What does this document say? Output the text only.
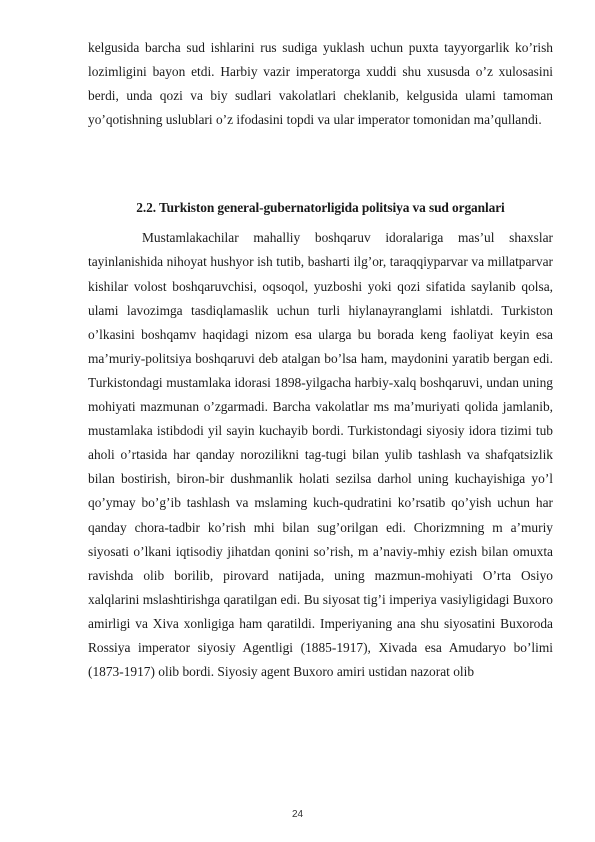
kelgusida barcha sud ishlarini rus sudiga yuklash uchun puxta tayyorgarlik ko’rish lozimligini bayon etdi. Harbiy vazir imperatorga xuddi shu xususda o’z xulosasini berdi, unda qozi va biy sudlari vakolatlari cheklanib, kelgusida ulami tamoman yo’qotishning uslublari o’z ifodasini topdi va ular imperator tomonidan ma’qullandi.

2.2. Turkiston general-gubernatorligida politsiya va sud organlari

Mustamlakachilar mahalliy boshqaruv idoralariga mas’ul shaxslar tayinlanishida nihoyat hushyor ish tutib, basharti ilg’or, taraqqiyparvar va millatparvar kishilar volost boshqaruvchisi, oqsoqol, yuzboshi yoki qozi sifatida saylanib qolsa, ulami lavozimga tasdiqlamaslik uchun turli hiylanayranglami ishlatdi. Turkiston o’lkasini boshqamv haqidagi nizom esa ularga bu borada keng faoliyat keyin esa ma’muriy-politsiya boshqaruvi deb atalgan bo’lsa ham, maydonini yaratib bergan edi. Turkistondagi mustamlaka idorasi 1898-yilgacha harbiy-xalq boshqaruvi, undan uning mohiyati mazmunan o’zgarmadi. Barcha vakolatlar ms ma’muriyati qolida jamlanib, mustamlaka istibdodi yil sayin kuchayib bordi. Turkistondagi siyosiy idora tizimi tub aholi o’rtasida har qanday norozilikni tag-tugi bilan yulib tashlash va shafqatsizlik bilan bostirish, biron-bir dushmanlik holati sezilsa darhol uning kuchayishiga yo’l qo’ymay bo’g’ib tashlash va mslaming kuch-qudratini ko’rsatib qo’yish uchun har qanday chora-tadbir ko’rish mhi bilan sug’orilgan edi. Chorizmning m a’muriy siyosati o’lkani iqtisodiy jihatdan qonini so’rish, m a’naviy-mhiy ezish bilan omuxta ravishda olib borilib, pirovard natijada, uning mazmun-mohiyati O’rta Osiyo xalqlarini mslashtirishga qaratilgan edi. Bu siyosat tig’i imperiya vasiyligidagi Buxoro amirligi va Xiva xonligiga ham qaratildi. Imperiyaning ana shu siyosatini Buxoroda Rossiya imperator siyosiy Agentligi (1885-1917), Xivada esa Amudaryo bo’limi (1873-1917) olib bordi. Siyosiy agent Buxoro amiri ustidan nazorat olib

24
